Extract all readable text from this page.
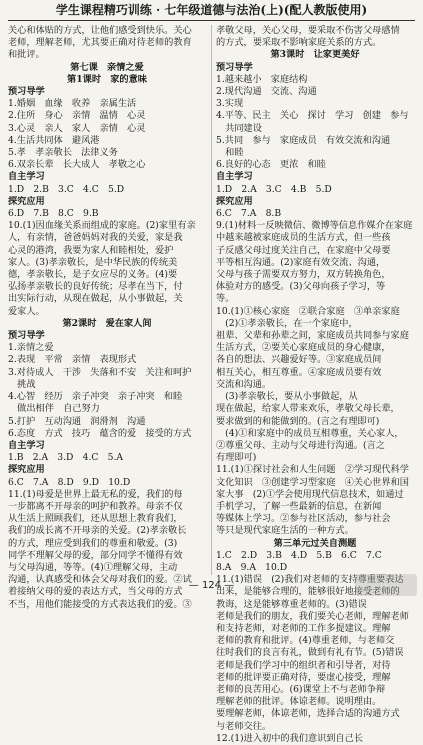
学生课程精巧训练 · 七年级道德与法治(上)(配人教版使用)
关心和体贴的方式，让他们感受到快乐。关心
老师，理解老师，尤其要正确对待老师的教育
和批评。
第七课　亲情之爱
第1课时　家的意味
预习导学
1.婚姻　血缘　收养　亲属生活
2.住所　身心　亲情　温情　心灵
3.心灵　亲人　家人　亲情　心灵
4.生活共同体　避风港
5.孝　孝亲敬长　法律义务
6.双亲长辈　长大成人　孝敬之心
自主学习
1.D　2.B　3.C　4.C　5.D
探究应用
6.D　7.B　8.C　9.B
10.(1)因血缘关系而组成的家庭。(2)家里有亲
人，有亲情，爸爸妈妈对我的关爱，家是我
心灵的港湾，我要为家人和睦相处，爱护
家人。(3)孝亲敬长，是中华民族的传统美
德，孝亲敬长，是子女应尽的义务。(4)要
弘扬孝亲敬长的良好传统；尽孝在当下，付
出实际行动，从现在做起，从小事做起，关
爱家人。
第2课时　爱在家人间
预习导学
1.亲情之爱
2.表现　平常　亲情　表现形式
3.对待成人　干涉　失落和不安　关注和呵护
　挑战
4.心智　经历　亲子冲突　亲子冲突　和睦
　做出相伴　自己努力
5.打护　互动沟通　润滑剂　沟通
6.态度　方式　技巧　蕴含的爱　接受的方式
自主学习
1.B　2.A　3.D　4.C　5.A
探究应用
6.C　7.A　8.D　9.D　10.D
11.(1)母爱是世界上最无私的爱，我们的每
一步都离不开母亲的呵护和教养。母亲不仅
从生活上照顾我们，还从思想上教育我们，
我们的成长离不开母亲的关爱。(2)孝亲敬长
的方式，理应受到我们的尊重和敬爱。(3)
同学不理解父母的爱，部分同学不懂得有效
与父母沟通，等等。(4)①理解父母，主动
沟通，认真感受和体会父母对我们的爱。②试
着接纳父母的爱的表达方式，当父母的方式
不当，用他们能接受的方式表达我们的爱。③
孝敬父母，关心父母，要采取不伤害父母感情
的方式，要采取不影响家庭关系的方式。
第3课时　让家更美好
预习导学
1.越来越小　家庭结构
2.现代沟通　交流、沟通
3.实现
4.平等、民主　关心　探讨　学习　创建　参与
　共同建设
5.共同　参与　家庭成员　有效交流和沟通
　和睦
6.良好的心态　更浓　和睦
自主学习
1.D　2.A　3.C　4.B　5.D
探究应用
6.C　7.A　8.B
9.(1)材料一反映微信、微博等信息作媒介在家庭
中越来越被家庭成员的生活方式，但一些孩
子反感父母过度关注自己，在家庭中父母要
平等相互沟通。(2)家庭有效交流、沟通，
父母与孩子需要双方努力，双方转换角色，
体验对方的感受。(3)父母向孩子学习，等
等。
10.(1)①核心家庭　②联合家庭　③单亲家庭
　(2)①孝亲敬长，在一个家庭中，
祖辈、父辈和孙辈之间，家庭成员共同参与家庭
生活方式，②要关心家庭成员的身心健康，
各自的想法、兴趣爱好等。③家庭成员间
相互关心，相互尊重。④家庭成员要有效
交流和沟通。
　(3)孝亲敬长，要从小事做起，从
现在做起，给家人带来欢乐，孝敬父母长辈，
要求做到的和能做到的。(言之有理即可)
　(4)①和家庭中的成员互相尊重，关心家人，
②尊重父母、主动与父母进行沟通。(言之
有理即可)
11.(1)①探讨社会和人生问题　②学习现代科学
文化知识　③创建学习型家庭　④关心世界和国
家大事　(2)①学会使用现代信息技术，如通过
手机学习，了解一些最新的信息，在新闻
等媒体上学习。②参与社区活动，参与社会
等只是现代家庭生活的一种方式。
第三单元过关自测题
1.C　2.D　3.B　4.D　5.B　6.C　7.C
8.A　9.A　10.D
11.(1)错误　(2)我们对老师的支持尊重要表达
出来，是能够合理的，能够很好地接受老师的
教诲，这是能够尊重老师的。(3)错误
老师是我们的朋友，我们要关心老师，理解老师
和支持老师，对老师的工作多提建议。理解
老师的教育和批评。(4)尊重老师，与老师交
往时我们的良言有礼，做到有礼有节。(5)错误
老师是我们学习中的组织者和引导者，对待
老师的批评要正确对待，要虚心接受，理解
老师的良苦用心。(6)课堂上不与老师争辩
理解老师的批评。体谅老师。说明理由。
要理解老师，体谅老师，选择合适的沟通方式
与老师交往。
12.(1)进入初中的我们意识到自己长
— 124 —
